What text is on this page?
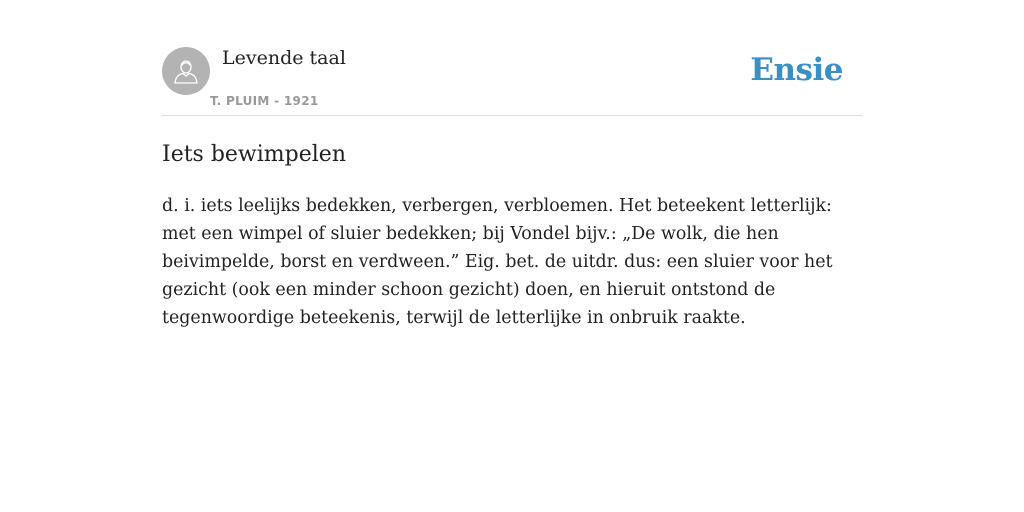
Levende taal
T. PLUIM - 1921
Ensie
Iets bewimpelen

d. i. iets leelijks bedekken, verbergen, verbloemen. Het beteekent letterlijk: met een wimpel of sluier bedekken; bij Vondel bijv.: „De wolk, die hen beivimpelde, borst en verdween.” Eig. bet. de uitdr. dus: een sluier voor het gezicht (ook een minder schoon gezicht) doen, en hieruit ontstond de tegenwoordige beteekenis, terwijl de letterlijke in onbruik raakte.
